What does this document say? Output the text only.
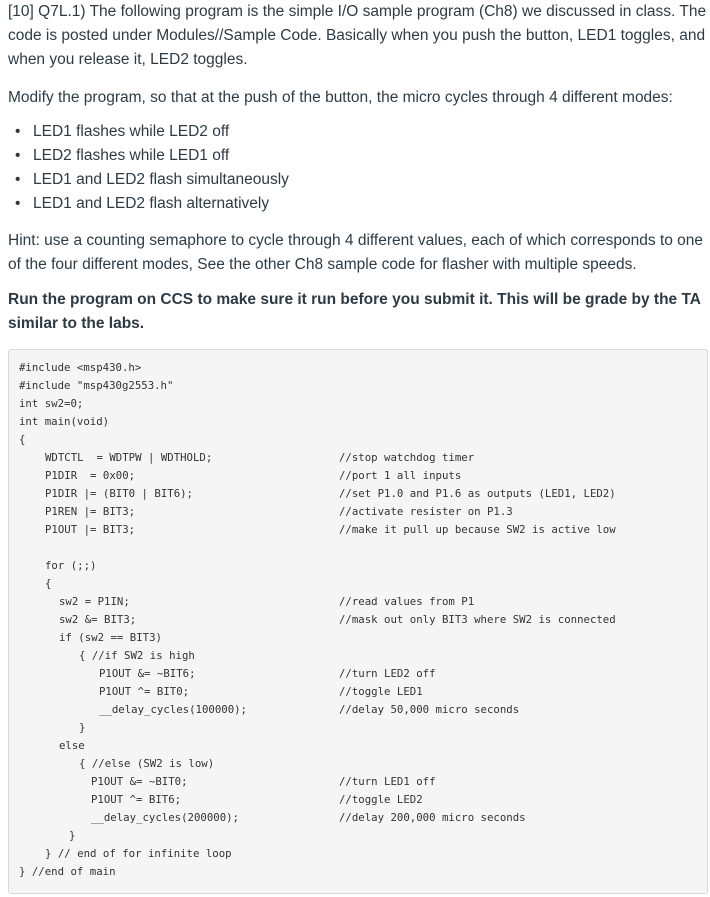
[10] Q7L.1) The following program is the simple I/O sample program (Ch8) we discussed in class. The code is posted under Modules//Sample Code. Basically when you push the button, LED1 toggles, and when you release it, LED2 toggles.

Modify the program, so that at the push of the button, the micro cycles through 4 different modes:

• LED1 flashes while LED2 off
• LED2 flashes while LED1 off
• LED1 and LED2 flash simultaneously
• LED1 and LED2 flash alternatively

Hint: use a counting semaphore to cycle through 4 different values, each of which corresponds to one of the four different modes, See the other Ch8 sample code for flasher with multiple speeds.

Run the program on CCS to make sure it run before you submit it. This will be grade by the TA similar to the labs.

#include <msp430.h>
#include "msp430g2553.h"
int sw2=0;
int main(void)
{
WDTCTL  = WDTPW | WDTHOLD;	//stop watchdog timer
P1DIR  = 0x00;	//port 1 all inputs
P1DIR |= (BIT0 | BIT6);	//set P1.0 and P1.6 as outputs (LED1, LED2)
P1REN |= BIT3;	//activate resister on P1.3
P1OUT |= BIT3;	//make it pull up because SW2 is active low
for (;;)
{
sw2 = P1IN;	//read values from P1
sw2 &= BIT3;	//mask out only BIT3 where SW2 is connected
if (sw2 == BIT3)
{ //if SW2 is high
P1OUT &= ~BIT6;	//turn LED2 off
P1OUT ^= BIT0;	//toggle LED1
__delay_cycles(100000);	//delay 50,000 micro seconds
}
else
{ //else (SW2 is low)
P1OUT &= ~BIT0;	//turn LED1 off
P1OUT ^= BIT6;	//toggle LED2
__delay_cycles(200000);	//delay 200,000 micro seconds
}
} // end of for infinite loop
} //end of main
